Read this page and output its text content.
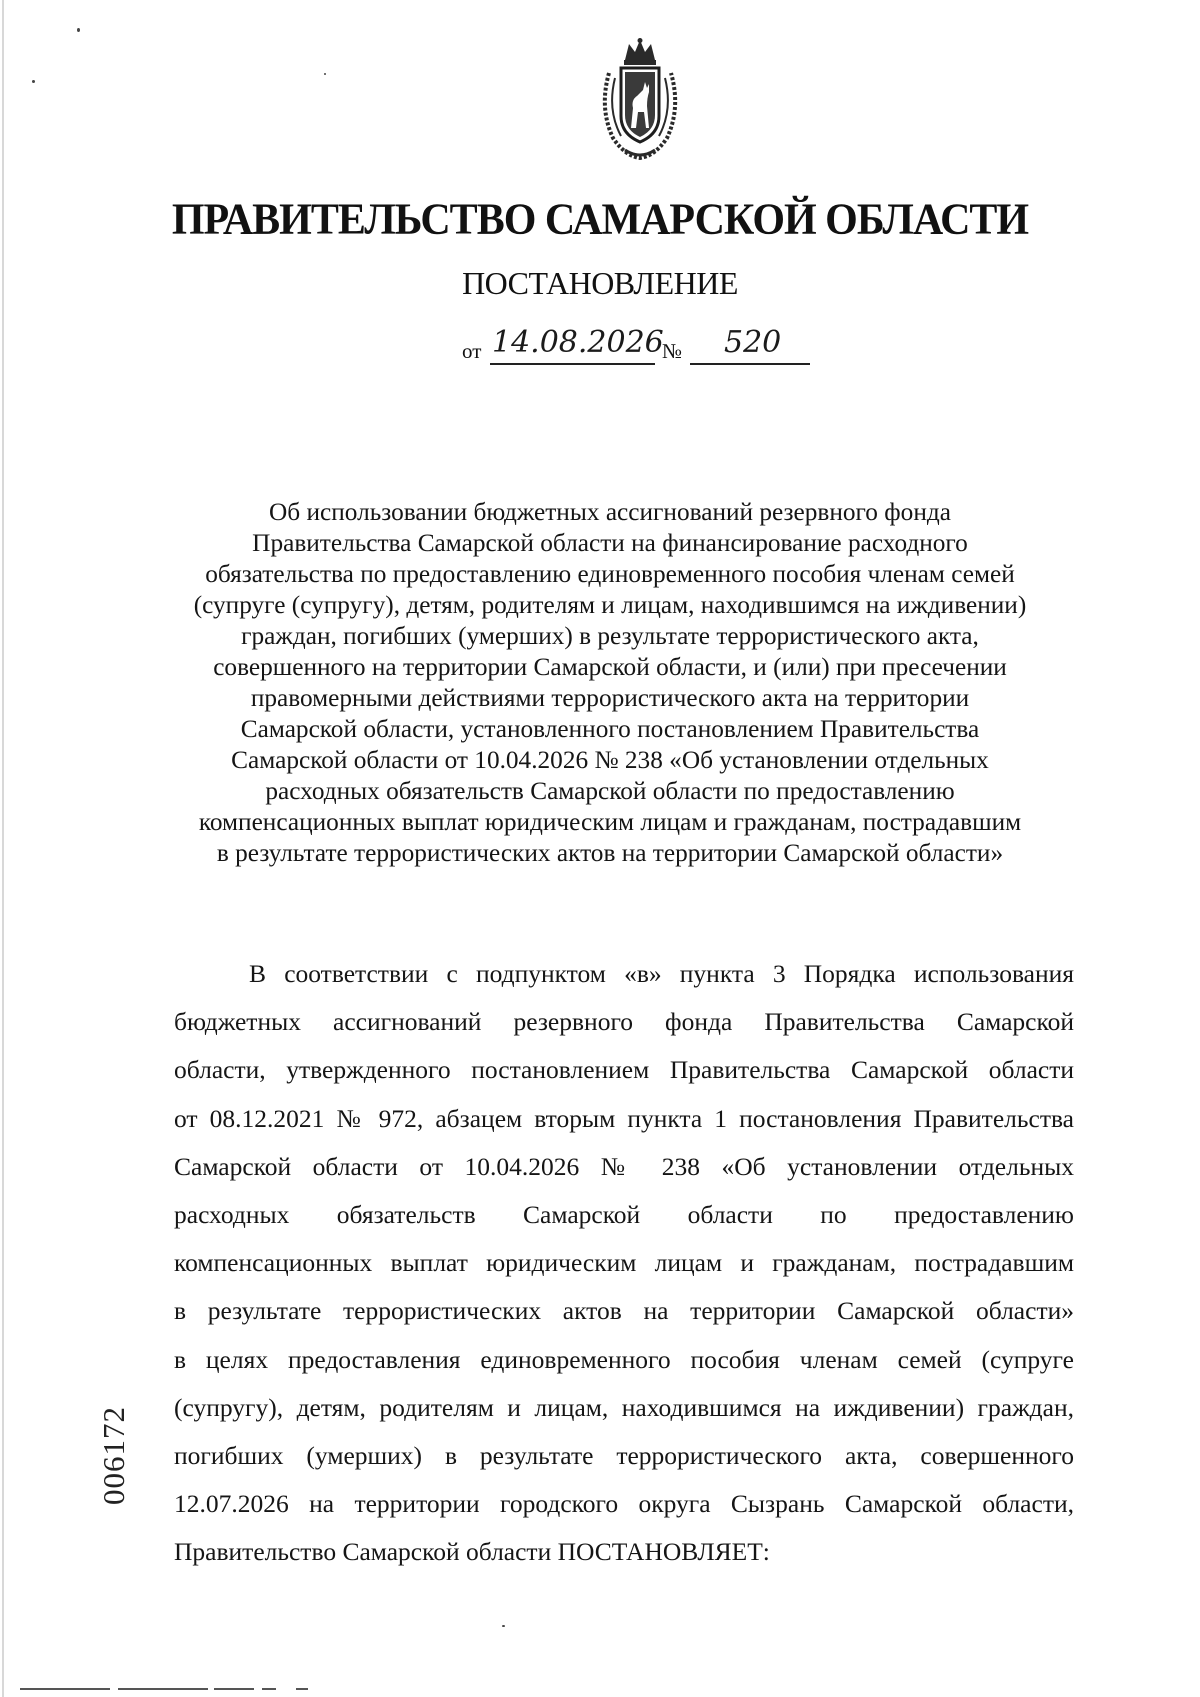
ПРАВИТЕЛЬСТВО САМАРСКОЙ ОБЛАСТИ
ПОСТАНОВЛЕНИЕ
от 14.08.2026
№ 520
Об использовании бюджетных ассигнований резервного фонда
Правительства Самарской области на финансирование расходного
обязательства по предоставлению единовременного пособия членам семей
(супруге (супругу), детям, родителям и лицам, находившимся на иждивении)
граждан, погибших (умерших) в результате террористического акта,
совершенного на территории Самарской области, и (или) при пресечении
правомерными действиями террористического акта на территории
Самарской области, установленного постановлением Правительства
Самарской области от 10.04.2026 № 238 «Об установлении отдельных
расходных обязательств Самарской области по предоставлению
компенсационных выплат юридическим лицам и гражданам, пострадавшим
в результате террористических актов на территории Самарской области»
В соответствии с подпунктом «в» пункта 3 Порядка использования
бюджетных ассигнований резервного фонда Правительства Самарской
области, утвержденного постановлением Правительства Самарской области
от 08.12.2021 № 972, абзацем вторым пункта 1 постановления Правительства
Самарской области от 10.04.2026 № 238 «Об установлении отдельных
расходных обязательств Самарской области по предоставлению
компенсационных выплат юридическим лицам и гражданам, пострадавшим
в результате террористических актов на территории Самарской области»
в целях предоставления единовременного пособия членам семей (супруге
(супругу), детям, родителям и лицам, находившимся на иждивении) граждан,
погибших (умерших) в результате террористического акта, совершенного
12.07.2026 на территории городского округа Сызрань Самарской области,
Правительство Самарской области ПОСТАНОВЛЯЕТ:
006172
